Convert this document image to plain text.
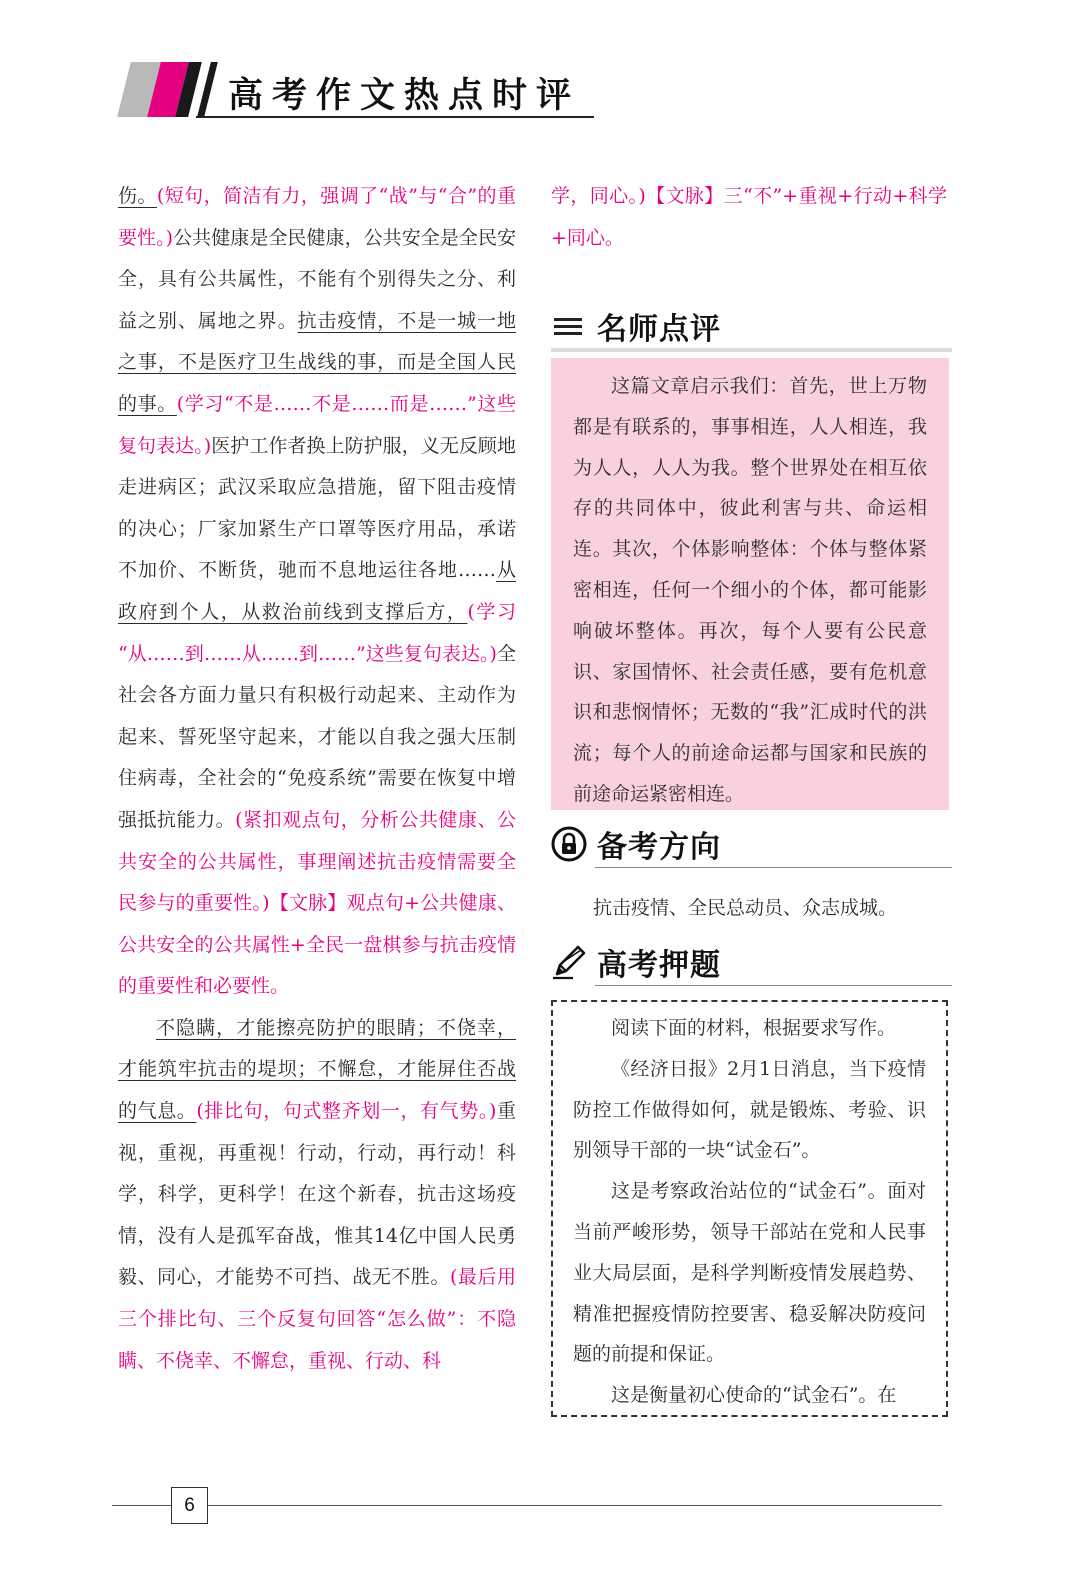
高考作文热点时评

伤。(短句，简洁有力，强调了“战”与“合”的重要性。)公共健康是全民健康，公共安全是全民安全，具有公共属性，不能有个别得失之分、利益之别、属地之界。抗击疫情，不是一城一地之事，不是医疗卫生战线的事，而是全国人民的事。(学习“不是……不是……而是……”这些复句表达。)医护工作者换上防护服，义无反顾地走进病区；武汉采取应急措施，留下阻击疫情的决心；厂家加紧生产口罩等医疗用品，承诺不加价、不断货，驰而不息地运往各地……从政府到个人，从救治前线到支撑后方，(学习 “从……到……从……到……”这些复句表达。)全社会各方面力量只有积极行动起来、主动作为起来、誓死坚守起来，才能以自我之强大压制住病毒，全社会的“免疫系统”需要在恢复中增强抵抗能力。(紧扣观点句，分析公共健康、公共安全的公共属性，事理阐述抗击疫情需要全民参与的重要性。)【文脉】观点句+公共健康、公共安全的公共属性+全民一盘棋参与抗击疫情的重要性和必要性。

不隐瞒，才能擦亮防护的眼睛；不侥幸，才能筑牢抗击的堤坝；不懈怠，才能屏住否战的气息。(排比句，句式整齐划一，有气势。)重视，重视，再重视！行动，行动，再行动！科学，科学，更科学！在这个新春，抗击这场疫情，没有人是孤军奋战，惟其14亿中国人民勇毅、同心，才能势不可挡、战无不胜。(最后用三个排比句、三个反复句回答“怎么做”：不隐瞒、不侥幸、不懈怠，重视、行动、科

学，同心。)【文脉】三“不”+重视+行动+科学+同心。

名师点评

这篇文章启示我们：首先，世上万物都是有联系的，事事相连，人人相连，我为人人，人人为我。整个世界处在相互依存的共同体中，彼此利害与共、命运相连。其次，个体影响整体：个体与整体紧密相连，任何一个细小的个体，都可能影响破坏整体。再次，每个人要有公民意识、家国情怀、社会责任感，要有危机意识和悲悯情怀；无数的“我”汇成时代的洪流；每个人的前途命运都与国家和民族的前途命运紧密相连。

备考方向
抗击疫情、全民总动员、众志成城。
高考押题

阅读下面的材料，根据要求写作。

《经济日报》2月1日消息，当下疫情防控工作做得如何，就是锻炼、考验、识别领导干部的一块“试金石”。

这是考察政治站位的“试金石”。面对当前严峻形势，领导干部站在党和人民事业大局层面，是科学判断疫情发展趋势、精准把握疫情防控要害、稳妥解决防疫问题的前提和保证。

这是衡量初心使命的“试金石”。在

6
